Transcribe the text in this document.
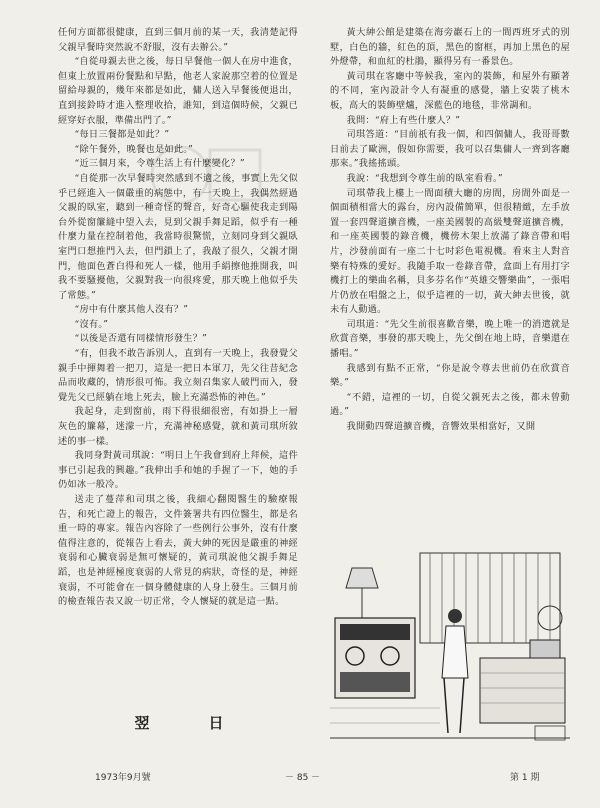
任何方面都很健康，直到三個月前的某一天，我清楚記得父親早餐時突然說不舒服，沒有去辦公。”

“自從母親去世之後，每日早餐他一個人在房中進食，但東上放置兩份餐點和早點，他老人家說那空着的位置是留給母親的，幾年來都是如此，傭人送入早餐後便退出，直到接鈴時才進入整理收拾，誰知，到這個時候，父親已經穿好衣服，準備出門了。”

“每日三餐都是如此？”

“除午餐外，晚餐也是如此。”

“近三個月來，令尊生活上有什麼變化？”

“自從那一次早餐時突然感到不適之後，事實上先父似乎已經進入一個嚴重的病態中，有一天晚上，我偶然經過父親的臥室，聽到一種奇怪的聲音，好奇心驅使我走到陽台外從窗簾縫中望入去，見到父親手舞足蹈，似乎有一種什麼力量在控制着他，我當時很驚慌，立刻同身到父親臥室門口想推門入去，但門鎖上了，我敲了很久，父親才開門，他面色蒼白得和死人一樣，他用手絹擦他推開我，叫我不要騷擾他，父親對我一向很疼愛，那天晚上他似乎失了常態。”

“房中有什麼其他人沒有？”

“沒有。”

“以後是否還有同樣情形發生？”

“有，但我不敢告訴別人，直到有一天晚上，我發覺父親手中揮舞着一把刀，這是一把日本軍刀，先父往昔紀念品而收藏的，情形很可怖。我立刻召集家人破門而入，發覺先父已經躺在地上死去，臉上充滿恐怖的神色。”

我起身，走到窗前，雨下得很細很密，有如掛上一層灰色的簾幕，迷濛一片，充滿神秘感覺，就和黃司琪所敘述的事一樣。

我同身對黃司琪說：“明日上午我會到府上拜候，這件事已引起我的興趣。”我伸出手和她的手握了一下，她的手仍如冰一般冷。

送走了蔓萍和司琪之後，我細心翻閱醫生的驗療報告，和死亡證上的報告，文件簽署共有四位醫生，都是名重一時的專家。報告內容除了一些例行公事外，沒有什麼值得注意的，從報告上看去，黃大紳的死因是嚴重的神經衰弱和心臟衰弱是無可懷疑的，黃司琪說他父親手舞足蹈，也是神經極度衰弱的人常見的病狀，奇怪的是，神經衰弱，不可能會在一個身體健康的人身上發生。三個月前的檢查報告表又說一切正常，令人懷疑的就是這一點。

翌　日

黃大紳公館是建築在海旁巖石上的一間西班牙式的別墅，白色的牆，紅色的頂，黑色的窗框，再加上黑色的屋外燈帶，和血紅的杜鵑，顯得另有一番景色。

黃司琪在客廳中等候我，室內的裝飾，和屋外有顯著的不同，室內設計令人有凝重的感覺，牆上安裝了桃木板，高大的裝飾壁爐，深藍色的地毯，非常調和。

我問：“府上有些什麼人？”

司琪答道：“目前祇有我一個，和四個傭人，我哥哥數日前去了歐洲，假如你需要，我可以召集傭人一齊到客廳那來。”我搖搖頭。

我說：“我想到令尊生前的臥室看看。”

司琪帶我上樓上一間面積大廳的房間，房間外面是一個面積相當大的露台，房內設備簡單，但很精緻，左手放置一套四聲道擴音機，一座美國製的高級雙聲道擴音機，和一座英國製的錄音機，機傍木架上放滿了錄音帶和唱片，沙發前面有一座二十七吋彩色電視機。看來主人對音樂有特殊的愛好。我隨手取一卷錄音帶，盒面上有用打字機打上的樂曲名稱，貝多芬名作“英雄交響樂曲”，一張唱片仍放在唱盤之上，似乎這裡的一切，黃大紳去世後，就未有人動過。

司琪道：“先父生前很喜歡音樂，晚上唯一的消遣就是欣賞音樂，事發的那天晚上，先父倒在地上時，音樂還在播唱。”

我感到有點不正常，“你是說令尊去世前仍在欣賞音樂。”

“不錯，這裡的一切，自從父親死去之後，都未曾動過。”

我開動四聲道擴音機，音響效果相當好，又開

1973年9月號	－ 85 －	第 1 期
